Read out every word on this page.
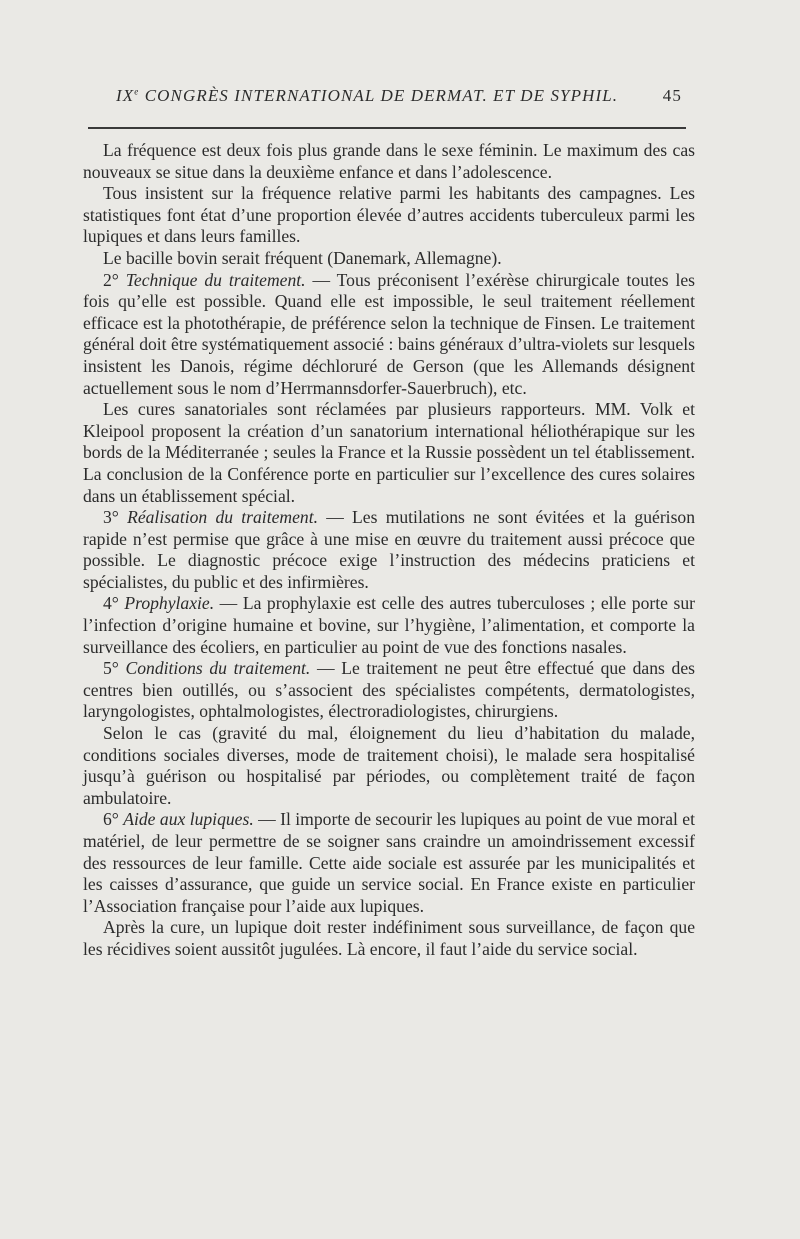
IXe CONGRÈS INTERNATIONAL DE DERMAT. ET DE SYPHIL.	45

La fréquence est deux fois plus grande dans le sexe féminin. Le maximum des cas nouveaux se situe dans la deuxième enfance et dans l’adolescence.

Tous insistent sur la fréquence relative parmi les habitants des campagnes. Les statistiques font état d’une proportion élevée d’autres accidents tuberculeux parmi les lupiques et dans leurs familles.

Le bacille bovin serait fréquent (Danemark, Allemagne).

2° Technique du traitement. — Tous préconisent l’exérèse chirurgicale toutes les fois qu’elle est possible. Quand elle est impossible, le seul traitement réellement efficace est la photothérapie, de préférence selon la technique de Finsen. Le traitement général doit être systématiquement associé : bains généraux d’ultra-violets sur lesquels insistent les Danois, régime déchloruré de Gerson (que les Allemands désignent actuellement sous le nom d’Herrmannsdorfer-Sauerbruch), etc.

Les cures sanatoriales sont réclamées par plusieurs rapporteurs. MM. Volk et Kleipool proposent la création d’un sanatorium international héliothérapique sur les bords de la Méditerranée ; seules la France et la Russie possèdent un tel établissement. La conclusion de la Conférence porte en particulier sur l’excellence des cures solaires dans un établissement spécial.

3° Réalisation du traitement. — Les mutilations ne sont évitées et la guérison rapide n’est permise que grâce à une mise en œuvre du traitement aussi précoce que possible. Le diagnostic précoce exige l’instruction des médecins praticiens et spécialistes, du public et des infirmières.

4° Prophylaxie. — La prophylaxie est celle des autres tuberculoses ; elle porte sur l’infection d’origine humaine et bovine, sur l’hygiène, l’alimentation, et comporte la surveillance des écoliers, en particulier au point de vue des fonctions nasales.

5° Conditions du traitement. — Le traitement ne peut être effectué que dans des centres bien outillés, ou s’associent des spécialistes compétents, dermatologistes, laryngologistes, ophtalmologistes, électroradiologistes, chirurgiens.

Selon le cas (gravité du mal, éloignement du lieu d’habitation du malade, conditions sociales diverses, mode de traitement choisi), le malade sera hospitalisé jusqu’à guérison ou hospitalisé par périodes, ou complètement traité de façon ambulatoire.

6° Aide aux lupiques. — Il importe de secourir les lupiques au point de vue moral et matériel, de leur permettre de se soigner sans craindre un amoindrissement excessif des ressources de leur famille. Cette aide sociale est assurée par les municipalités et les caisses d’assurance, que guide un service social. En France existe en particulier l’Association française pour l’aide aux lupiques.

Après la cure, un lupique doit rester indéfiniment sous surveillance, de façon que les récidives soient aussitôt jugulées. Là encore, il faut l’aide du service social.
